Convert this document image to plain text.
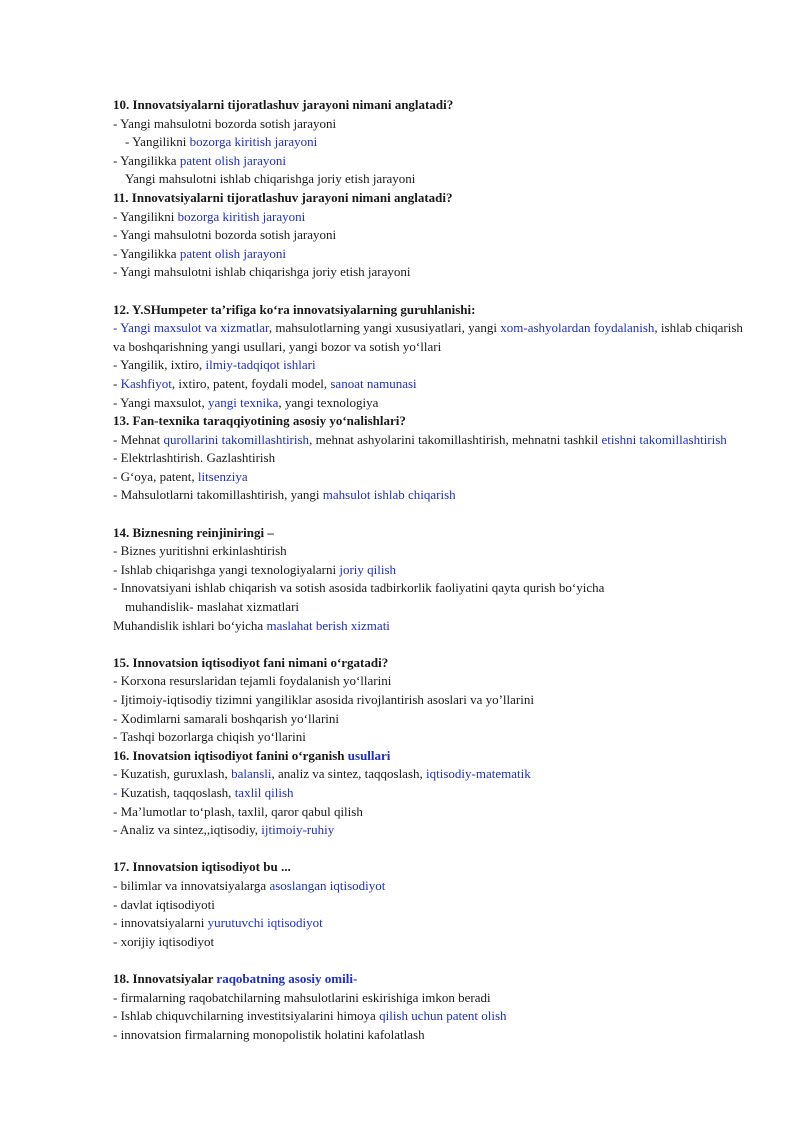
10. Innovatsiyalarni tijoratlashuv jarayoni nimani anglatadi?
- Yangi mahsulotni bozorda sotish jarayoni
- Yangilikni bozorga kiritish jarayoni
- Yangilikka patent olish jarayoni
Yangi mahsulotni ishlab chiqarishga joriy etish jarayoni
11. Innovatsiyalarni tijoratlashuv jarayoni nimani anglatadi?
- Yangilikni bozorga kiritish jarayoni
- Yangi mahsulotni bozorda sotish jarayoni
- Yangilikka patent olish jarayoni
- Yangi mahsulotni ishlab chiqarishga joriy etish jarayoni
12. Y.SHumpeter ta’rifiga ko‘ra innovatsiyalarning guruhlanishi:
- Yangi maxsulot va xizmatlar, mahsulotlarning yangi xususiyatlari, yangi xom-ashyolardan foydalanish, ishlab chiqarish va boshqarishning yangi usullari, yangi bozor va sotish yo‘llari
- Yangilik, ixtiro, ilmiy-tadqiqot ishlari
- Kashfiyot, ixtiro, patent, foydali model, sanoat namunasi
- Yangi maxsulot, yangi texnika, yangi texnologiya
13. Fan-texnika taraqqiyotining asosiy yo‘nalishlari?
- Mehnat qurollarini takomillashtirish, mehnat ashyolarini takomillashtirish, mehnatni tashkil etishni takomillashtirish
- Elektrlashtirish. Gazlashtirish
- G‘oya, patent, litsenziya
- Mahsulotlarni takomillashtirish, yangi mahsulot ishlab chiqarish
14. Biznesning reinjiniringi –
- Biznes yuritishni erkinlashtirish
- Ishlab chiqarishga yangi texnologiyalarni joriy qilish
- Innovatsiyani ishlab chiqarish va sotish asosida tadbirkorlik faoliyatini qayta qurish bo‘yicha
muhandislik- maslahat xizmatlari
Muhandislik ishlari bo‘yicha maslahat berish xizmati
15. Innovatsion iqtisodiyot fani nimani o‘rgatadi?
- Korxona resurslaridan tejamli foydalanish yo‘llarini
- Ijtimoiy-iqtisodiy tizimni yangiliklar asosida rivojlantirish asoslari va yo’llarini
- Xodimlarni samarali boshqarish yo‘llarini
- Tashqi bozorlarga chiqish yo‘llarini
16. Inovatsion iqtisodiyot fanini o‘rganish usullari
- Kuzatish, guruxlash, balansli, analiz va sintez, taqqoslash, iqtisodiy-matematik
- Kuzatish, taqqoslash, taxlil qilish
- Ma’lumotlar to‘plash, taxlil, qaror qabul qilish
- Analiz va sintez,,iqtisodiy, ijtimoiy-ruhiy
17. Innovatsion iqtisodiyot bu ...
- bilimlar va innovatsiyalarga asoslangan iqtisodiyot
- davlat iqtisodiyoti
- innovatsiyalarni yurutuvchi iqtisodiyot
- xorijiy iqtisodiyot
18. Innovatsiyalar raqobatning asosiy omili-
- firmalarning raqobatchilarning mahsulotlarini eskirishiga imkon beradi
- Ishlab chiquvchilarning investitsiyalarini himoya qilish uchun patent olish
- innovatsion firmalarning monopolistik holatini kafolatlash
